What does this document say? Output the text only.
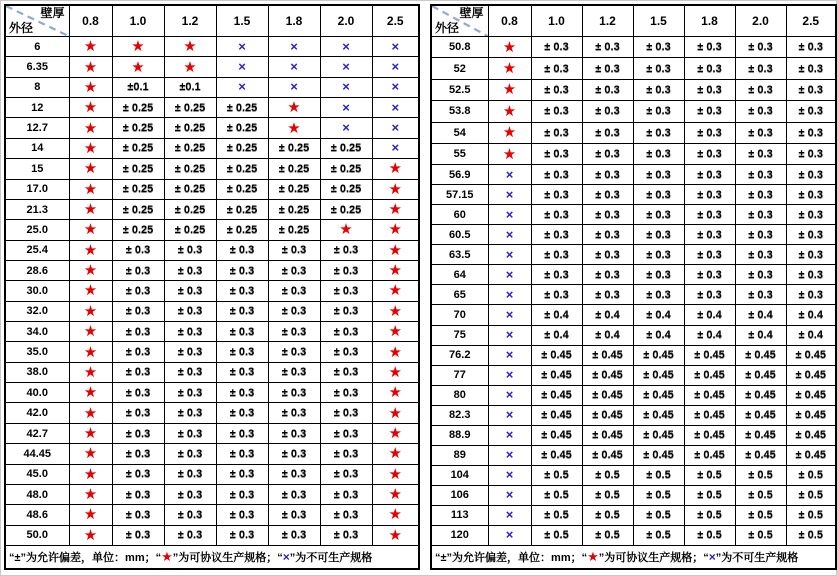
壁厚
外径	0.8	1.0	1.2	1.5	1.8	2.0	2.5
6	★	★	★	×	×	×	×
6.35	★	★	★	×	×	×	×
8	★	±0.1	±0.1	×	×	×	×
12	★	± 0.25	± 0.25	± 0.25	★	×	×
12.7	★	± 0.25	± 0.25	± 0.25	★	×	×
14	★	± 0.25	± 0.25	± 0.25	± 0.25	± 0.25	×
15	★	± 0.25	± 0.25	± 0.25	± 0.25	± 0.25	★
17.0	★	± 0.25	± 0.25	± 0.25	± 0.25	± 0.25	★
21.3	★	± 0.25	± 0.25	± 0.25	± 0.25	± 0.25	★
25.0	★	± 0.25	± 0.25	± 0.25	± 0.25	★	★
25.4	★	± 0.3	± 0.3	± 0.3	± 0.3	± 0.3	★
28.6	★	± 0.3	± 0.3	± 0.3	± 0.3	± 0.3	★
30.0	★	± 0.3	± 0.3	± 0.3	± 0.3	± 0.3	★
32.0	★	± 0.3	± 0.3	± 0.3	± 0.3	± 0.3	★
34.0	★	± 0.3	± 0.3	± 0.3	± 0.3	± 0.3	★
35.0	★	± 0.3	± 0.3	± 0.3	± 0.3	± 0.3	★
38.0	★	± 0.3	± 0.3	± 0.3	± 0.3	± 0.3	★
40.0	★	± 0.3	± 0.3	± 0.3	± 0.3	± 0.3	★
42.0	★	± 0.3	± 0.3	± 0.3	± 0.3	± 0.3	★
42.7	★	± 0.3	± 0.3	± 0.3	± 0.3	± 0.3	★
44.45	★	± 0.3	± 0.3	± 0.3	± 0.3	± 0.3	★
45.0	★	± 0.3	± 0.3	± 0.3	± 0.3	± 0.3	★
48.0	★	± 0.3	± 0.3	± 0.3	± 0.3	± 0.3	★
48.6	★	± 0.3	± 0.3	± 0.3	± 0.3	± 0.3	★
50.0	★	± 0.3	± 0.3	± 0.3	± 0.3	± 0.3	★
“±”为允许偏差，单位：mm；“★”为可协议生产规格；“×”为不可生产规格							
壁厚
外径	0.8	1.0	1.2	1.5	1.8	2.0	2.5
50.8	★	± 0.3	± 0.3	± 0.3	± 0.3	± 0.3	± 0.3
52	★	± 0.3	± 0.3	± 0.3	± 0.3	± 0.3	± 0.3
52.5	★	± 0.3	± 0.3	± 0.3	± 0.3	± 0.3	± 0.3
53.8	★	± 0.3	± 0.3	± 0.3	± 0.3	± 0.3	± 0.3
54	★	± 0.3	± 0.3	± 0.3	± 0.3	± 0.3	± 0.3
55	★	± 0.3	± 0.3	± 0.3	± 0.3	± 0.3	± 0.3
56.9	×	± 0.3	± 0.3	± 0.3	± 0.3	± 0.3	± 0.3
57.15	×	± 0.3	± 0.3	± 0.3	± 0.3	± 0.3	± 0.3
60	×	± 0.3	± 0.3	± 0.3	± 0.3	± 0.3	± 0.3
60.5	×	± 0.3	± 0.3	± 0.3	± 0.3	± 0.3	± 0.3
63.5	×	± 0.3	± 0.3	± 0.3	± 0.3	± 0.3	± 0.3
64	×	± 0.3	± 0.3	± 0.3	± 0.3	± 0.3	± 0.3
65	×	± 0.3	± 0.3	± 0.3	± 0.3	± 0.3	± 0.3
70	×	± 0.4	± 0.4	± 0.4	± 0.4	± 0.4	± 0.4
75	×	± 0.4	± 0.4	± 0.4	± 0.4	± 0.4	± 0.4
76.2	×	± 0.45	± 0.45	± 0.45	± 0.45	± 0.45	± 0.45
77	×	± 0.45	± 0.45	± 0.45	± 0.45	± 0.45	± 0.45
80	×	± 0.45	± 0.45	± 0.45	± 0.45	± 0.45	± 0.45
82.3	×	± 0.45	± 0.45	± 0.45	± 0.45	± 0.45	± 0.45
88.9	×	± 0.45	± 0.45	± 0.45	± 0.45	± 0.45	± 0.45
89	×	± 0.45	± 0.45	± 0.45	± 0.45	± 0.45	± 0.45
104	×	± 0.5	± 0.5	± 0.5	± 0.5	± 0.5	± 0.5
106	×	± 0.5	± 0.5	± 0.5	± 0.5	± 0.5	± 0.5
113	×	± 0.5	± 0.5	± 0.5	± 0.5	± 0.5	± 0.5
120	×	± 0.5	± 0.5	± 0.5	± 0.5	± 0.5	± 0.5
“±”为允许偏差，单位：mm；“★”为可协议生产规格；“×”为不可生产规格							
